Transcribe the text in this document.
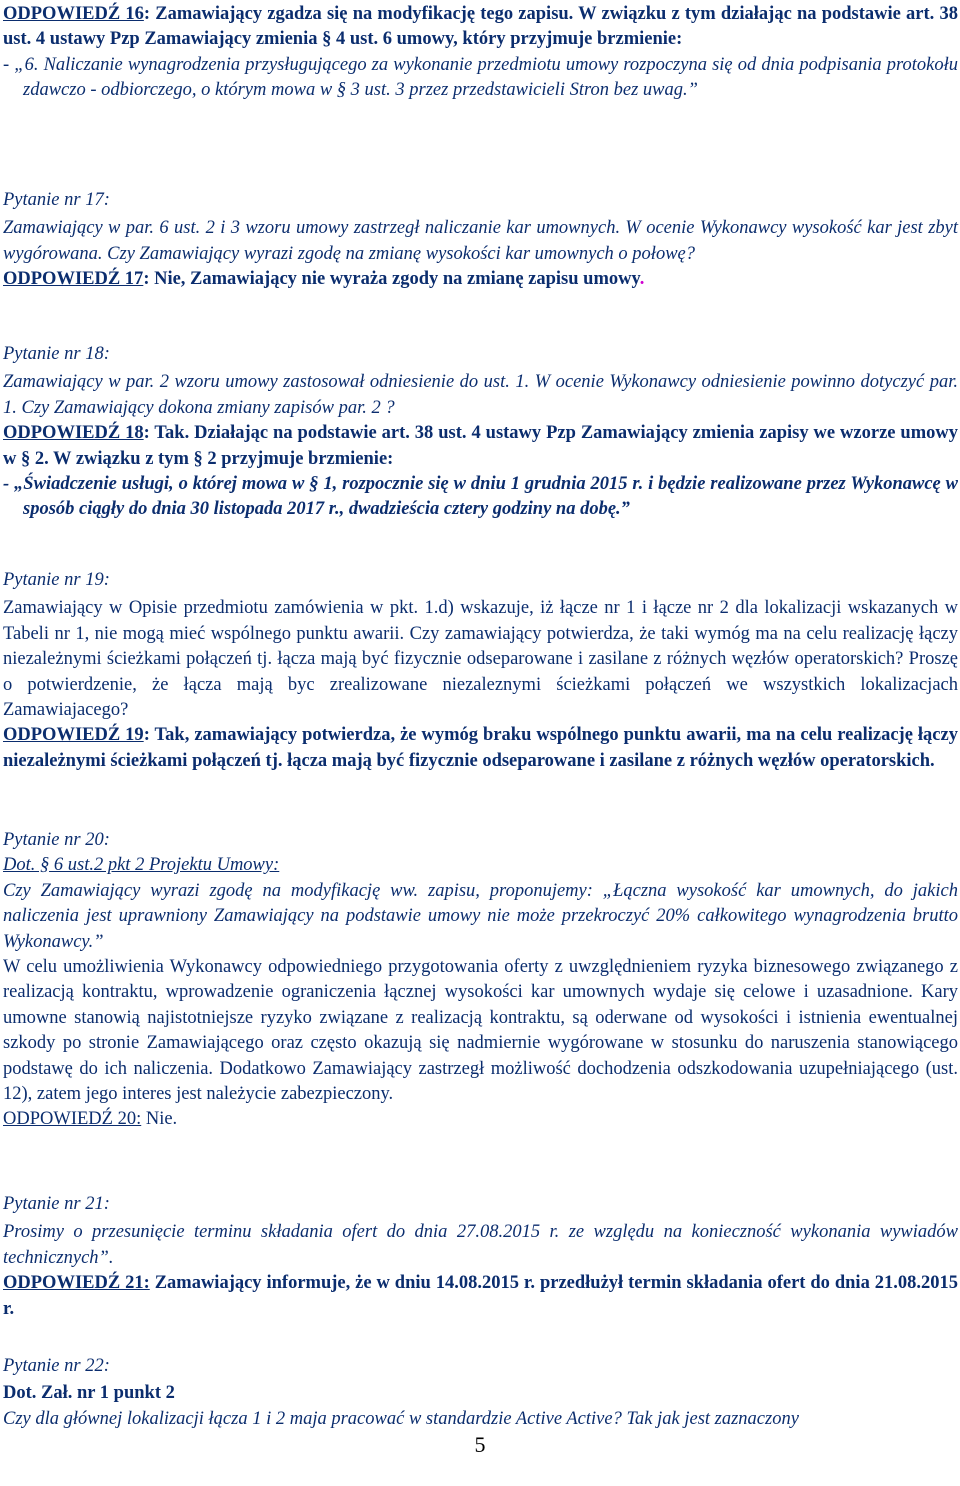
ODPOWIEDŹ 16: Zamawiający zgadza się na modyfikację tego zapisu. W związku z tym działając na podstawie art. 38 ust. 4 ustawy Pzp Zamawiający zmienia § 4 ust. 6 umowy, który przyjmuje brzmienie:

- „6. Naliczanie wynagrodzenia przysługującego za wykonanie przedmiotu umowy rozpoczyna się od dnia podpisania protokołu zdawczo - odbiorczego, o którym mowa w § 3 ust. 3 przez przedstawicieli Stron bez uwag.”

Pytanie nr 17:

Zamawiający w par. 6 ust. 2 i 3 wzoru umowy zastrzegł naliczanie kar umownych. W ocenie Wykonawcy wysokość kar jest zbyt wygórowana. Czy Zamawiający wyrazi zgodę na zmianę wysokości kar umownych o połowę?

ODPOWIEDŹ 17: Nie, Zamawiający nie wyraża zgody na zmianę zapisu umowy.

Pytanie nr 18:

Zamawiający w par. 2 wzoru umowy zastosował odniesienie do ust. 1. W ocenie Wykonawcy odniesienie powinno dotyczyć par. 1. Czy Zamawiający dokona zmiany zapisów par. 2 ?

ODPOWIEDŹ 18: Tak. Działając na podstawie art. 38 ust. 4 ustawy Pzp Zamawiający zmienia zapisy we wzorze umowy w § 2. W związku z tym § 2 przyjmuje brzmienie:

- „Świadczenie usługi, o której mowa w § 1, rozpocznie się w dniu 1 grudnia 2015 r. i będzie realizowane przez Wykonawcę w sposób ciągły do dnia 30 listopada 2017 r., dwadzieścia cztery godziny na dobę.”

Pytanie nr 19:

Zamawiający w Opisie przedmiotu zamówienia w pkt. 1.d) wskazuje, iż łącze nr 1 i łącze nr 2 dla lokalizacji wskazanych w Tabeli nr 1, nie mogą mieć wspólnego punktu awarii. Czy zamawiający potwierdza, że taki wymóg ma na celu realizację łączy niezależnymi ścieżkami połączeń tj. łącza mają być fizycznie odseparowane i zasilane z różnych węzłów operatorskich? Proszę o potwierdzenie, że łącza mają byc zrealizowane niezaleznymi ścieżkami połączeń we wszystkich lokalizacjach Zamawiajacego?

ODPOWIEDŹ 19: Tak, zamawiający potwierdza, że wymóg braku wspólnego punktu awarii, ma na celu realizację łączy niezależnymi ścieżkami połączeń tj. łącza mają być fizycznie odseparowane i zasilane z różnych węzłów operatorskich.

Pytanie nr 20:

Dot. § 6 ust.2 pkt 2 Projektu Umowy:

Czy Zamawiający wyrazi zgodę na modyfikację ww. zapisu, proponujemy: „Łączna wysokość kar umownych, do jakich naliczenia jest uprawniony Zamawiający na podstawie umowy nie może przekroczyć 20% całkowitego wynagrodzenia brutto Wykonawcy.”

W celu umożliwienia Wykonawcy odpowiedniego przygotowania oferty z uwzględnieniem ryzyka biznesowego związanego z realizacją kontraktu, wprowadzenie ograniczenia łącznej wysokości kar umownych wydaje się celowe i uzasadnione. Kary umowne stanowią najistotniejsze ryzyko związane z realizacją kontraktu, są oderwane od wysokości i istnienia ewentualnej szkody po stronie Zamawiającego oraz często okazują się nadmiernie wygórowane w stosunku do naruszenia stanowiącego podstawę do ich naliczenia. Dodatkowo Zamawiający zastrzegł możliwość dochodzenia odszkodowania uzupełniającego (ust. 12), zatem jego interes jest należycie zabezpieczony.

ODPOWIEDŹ 20: Nie.

Pytanie nr 21:

Prosimy o przesunięcie terminu składania ofert do dnia 27.08.2015 r. ze względu na konieczność wykonania wywiadów technicznych”.

ODPOWIEDŹ 21: Zamawiający informuje, że w dniu 14.08.2015 r. przedłużył termin składania ofert do dnia 21.08.2015 r.

Pytanie nr 22:

Dot. Zał. nr 1 punkt 2

Czy dla głównej lokalizacji łącza 1 i 2 maja pracować w standardzie Active Active? Tak jak jest zaznaczony

5
